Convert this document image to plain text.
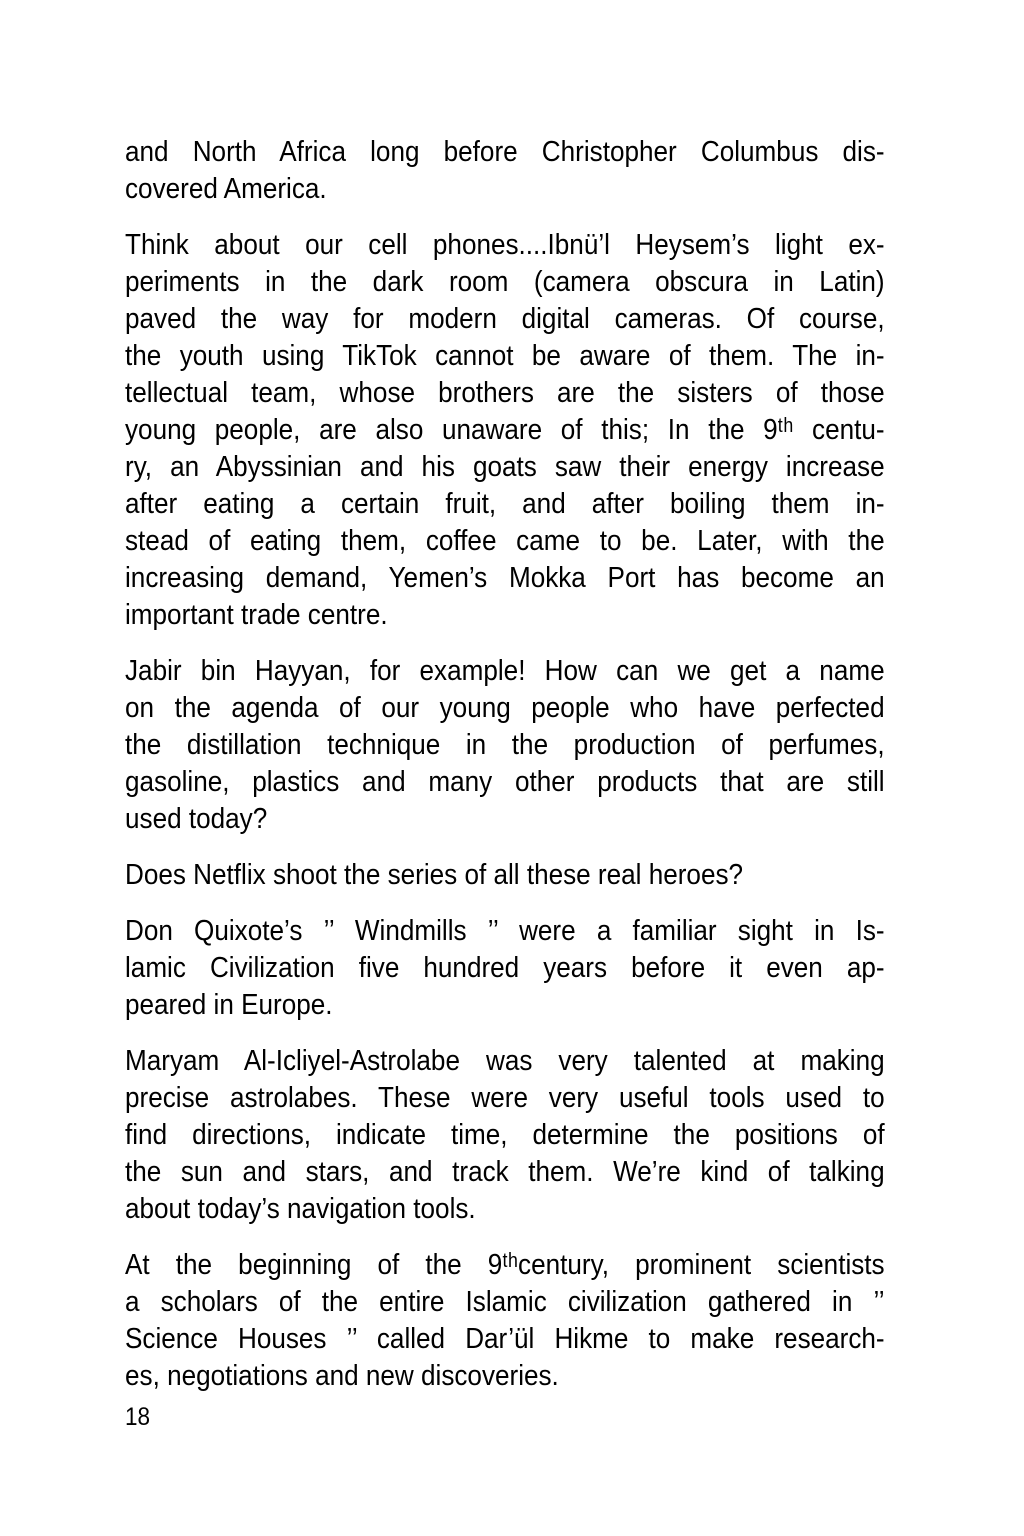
and North Africa long before Christopher Columbus dis-
covered America.
Think about our cell phones....Ibnü’l Heysem’s light ex-
periments in the dark room (camera obscura in Latin)
paved the way for modern digital cameras. Of course,
the youth using TikTok cannot be aware of them. The in-
tellectual team, whose brothers are the sisters of those
young people, are also unaware of this; In the 9ᵗʰ centu-
ry, an Abyssinian and his goats saw their energy increase
after eating a certain fruit, and after boiling them in-
stead of eating them, coffee came to be. Later, with the
increasing demand, Yemen’s Mokka Port has become an
important trade centre.
Jabir bin Hayyan, for example! How can we get a name
on the agenda of our young people who have perfected
the distillation technique in the production of perfumes,
gasoline, plastics and many other products that are still
used today?
Does Netflix shoot the series of all these real heroes?
Don Quixote’s ’’ Windmills ’’ were a familiar sight in Is-
lamic Civilization five hundred years before it even ap-
peared in Europe.
Maryam Al-Icliyel-Astrolabe was very talented at making
precise astrolabes. These were very useful tools used to
find directions, indicate time, determine the positions of
the sun and stars, and track them. We’re kind of talking
about today’s navigation tools.
At the beginning of the 9ᵗʰcentury, prominent scientists
a scholars of the entire Islamic civilization gathered in ’’
Science Houses ’’ called Dar’ül Hikme to make research-
es, negotiations and new discoveries.
18
